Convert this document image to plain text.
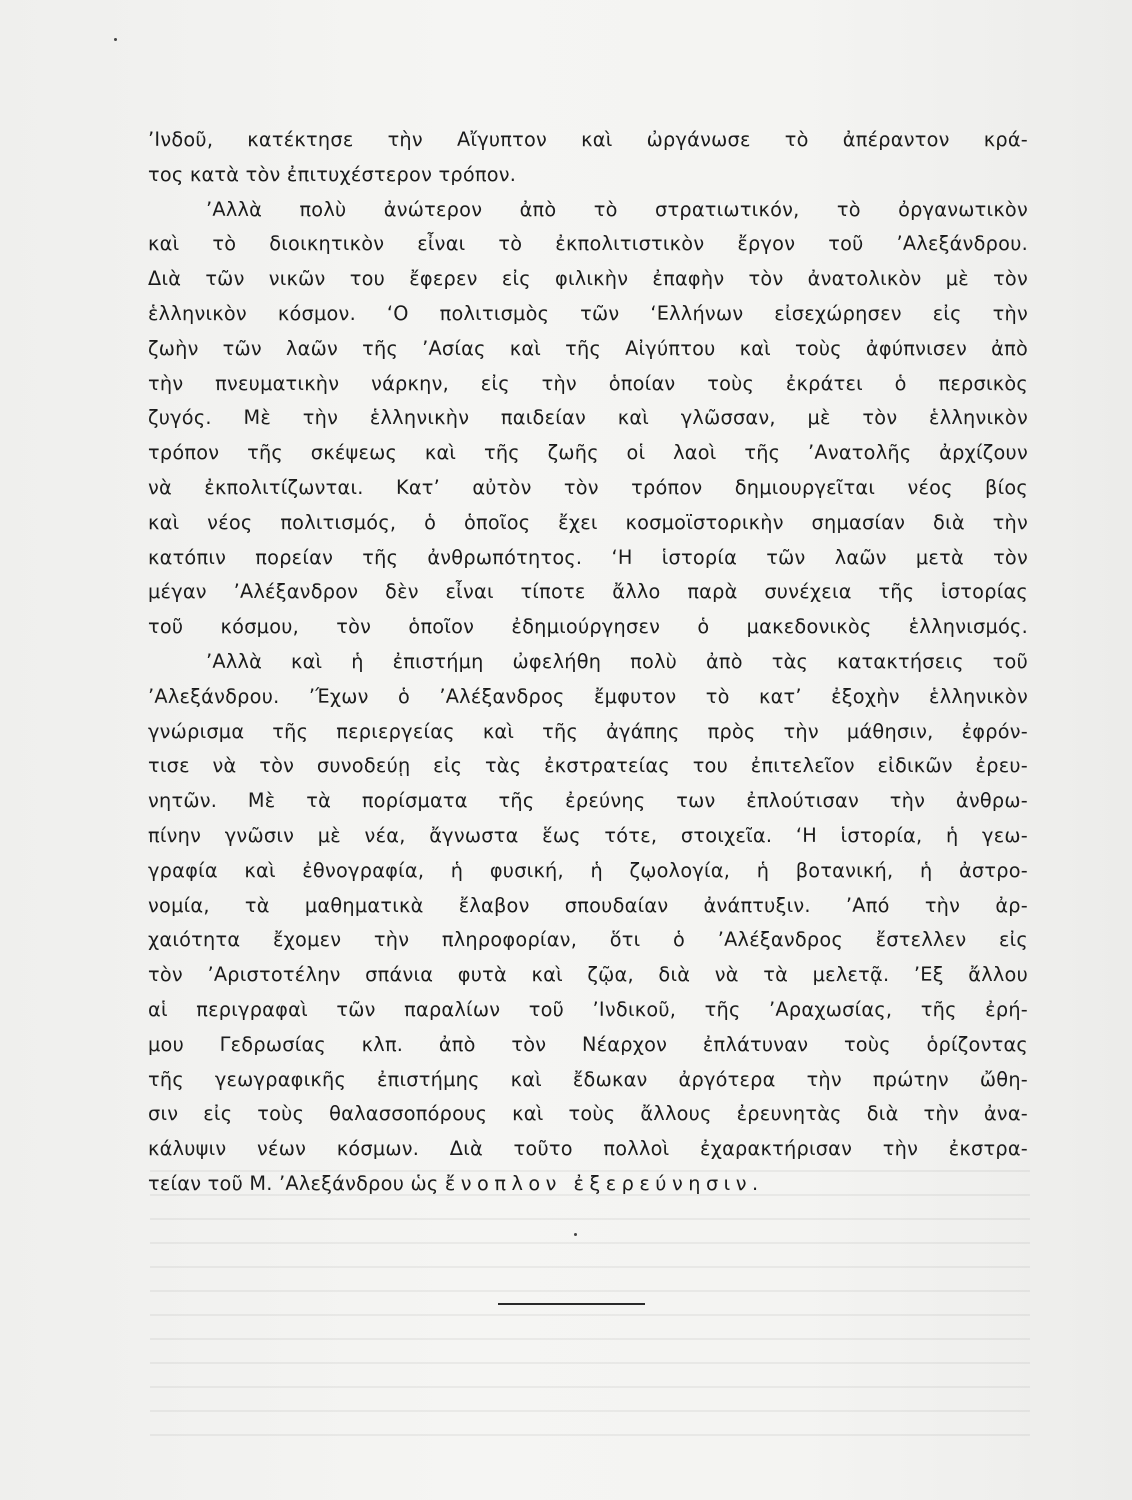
’Ινδοῦ, κατέκτησε τὴν Αἴγυπτον καὶ ὠργάνωσε τὸ ἀπέραντον κρά-
τος κατὰ τὸν ἐπιτυχέστερον τρόπον.
’Αλλὰ πολὺ ἀνώτερον ἀπὸ τὸ στρατιωτικόν, τὸ ὀργανωτικὸν
καὶ τὸ διοικητικὸν εἶναι τὸ ἐκπολιτιστικὸν ἔργον τοῦ ’Αλεξάνδρου.
Διὰ τῶν νικῶν του ἔφερεν εἰς φιλικὴν ἐπαφὴν τὸν ἀνατολικὸν μὲ τὸν
ἑλληνικὸν κόσμον. ‘Ο πολιτισμὸς τῶν ‘Ελλήνων εἰσεχώρησεν εἰς τὴν
ζωὴν τῶν λαῶν τῆς ’Ασίας καὶ τῆς Αἰγύπτου καὶ τοὺς ἀφύπνισεν ἀπὸ
τὴν πνευματικὴν νάρκην, εἰς τὴν ὁποίαν τοὺς ἐκράτει ὁ περσικὸς
ζυγός. Μὲ τὴν ἑλληνικὴν παιδείαν καὶ γλῶσσαν, μὲ τὸν ἑλληνικὸν
τρόπον τῆς σκέψεως καὶ τῆς ζωῆς οἱ λαοὶ τῆς ’Ανατολῆς ἀρχίζουν
νὰ ἐκπολιτίζωνται. Κατ’ αὐτὸν τὸν τρόπον δημιουργεῖται νέος βίος
καὶ νέος πολιτισμός, ὁ ὁποῖος ἔχει κοσμοϊστορικὴν σημασίαν διὰ τὴν
κατόπιν πορείαν τῆς ἀνθρωπότητος. ‘Η ἱστορία τῶν λαῶν μετὰ τὸν
μέγαν ’Αλέξανδρον δὲν εἶναι τίποτε ἄλλο παρὰ συνέχεια τῆς ἱστορίας
τοῦ κόσμου, τὸν ὁποῖον ἐδημιούργησεν ὁ μακεδονικὸς ἑλληνισμός.
’Αλλὰ καὶ ἡ ἐπιστήμη ὠφελήθη πολὺ ἀπὸ τὰς κατακτήσεις τοῦ
’Αλεξάνδρου. ’Έχων ὁ ’Αλέξανδρος ἔμφυτον τὸ κατ’ ἐξοχὴν ἑλληνικὸν
γνώρισμα τῆς περιεργείας καὶ τῆς ἀγάπης πρὸς τὴν μάθησιν, ἐφρόν-
τισε νὰ τὸν συνοδεύῃ εἰς τὰς ἐκστρατείας του ἐπιτελεῖον εἰδικῶν ἐρευ-
νητῶν. Μὲ τὰ πορίσματα τῆς ἐρεύνης των ἐπλούτισαν τὴν ἀνθρω-
πίνην γνῶσιν μὲ νέα, ἄγνωστα ἕως τότε, στοιχεῖα. ‘Η ἱστορία, ἡ γεω-
γραφία καὶ ἐθνογραφία, ἡ φυσική, ἡ ζῳολογία, ἡ βοτανική, ἡ ἀστρο-
νομία, τὰ μαθηματικὰ ἔλαβον σπουδαίαν ἀνάπτυξιν. ’Από τὴν ἀρ-
χαιότητα ἔχομεν τὴν πληροφορίαν, ὅτι ὁ ’Αλέξανδρος ἔστελλεν εἰς
τὸν ’Αριστοτέλην σπάνια φυτὰ καὶ ζῷα, διὰ νὰ τὰ μελετᾷ. ’Εξ ἄλλου
αἱ περιγραφαὶ τῶν παραλίων τοῦ ’Ινδικοῦ, τῆς ’Αραχωσίας, τῆς ἐρή-
μου Γεδρωσίας κλπ. ἀπὸ τὸν Νέαρχον ἐπλάτυναν τοὺς ὁρίζοντας
τῆς γεωγραφικῆς ἐπιστήμης καὶ ἔδωκαν ἀργότερα τὴν πρώτην ὤθη-
σιν εἰς τοὺς θαλασσοπόρους καὶ τοὺς ἄλλους ἐρευνητὰς διὰ τὴν ἀνα-
κάλυψιν νέων κόσμων. Διὰ τοῦτο πολλοὶ ἐχαρακτήρισαν τὴν ἐκστρα-
τείαν τοῦ Μ. ’Αλεξάνδρου ὡς ἔνοπλον ἐξερεύνησιν.
